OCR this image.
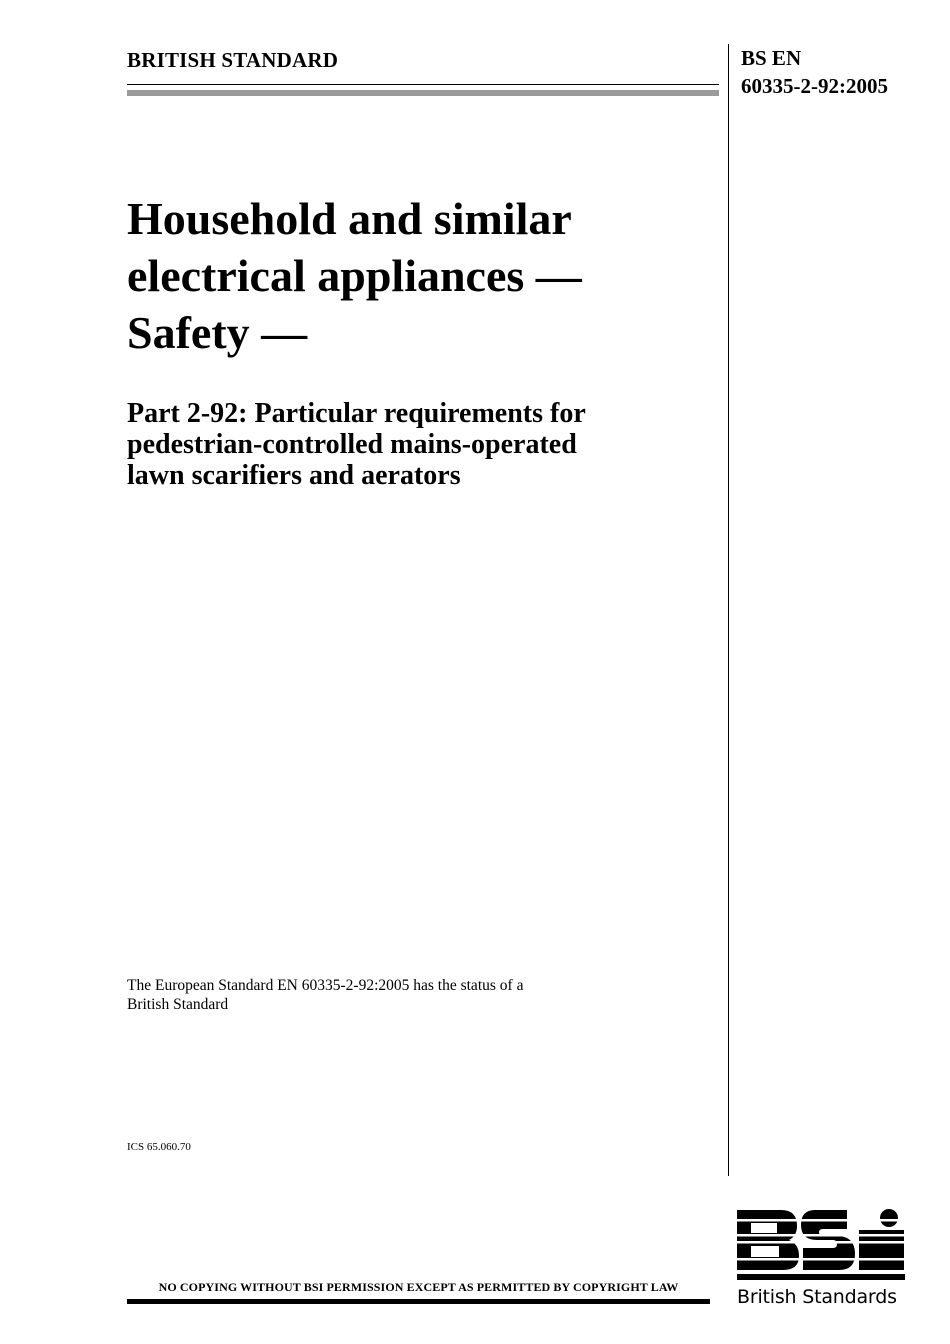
BRITISH STANDARD	BS EN
60335-2-92:2005
Household and similar
electrical appliances —
Safety —
Part 2-92: Particular requirements for
pedestrian-controlled mains-operated
lawn scarifiers and aerators
The European Standard EN 60335-2-92:2005 has the status of a
British Standard
ICS 65.060.70
NO COPYING WITHOUT BSI PERMISSION EXCEPT AS PERMITTED BY COPYRIGHT LAW	British Standards
